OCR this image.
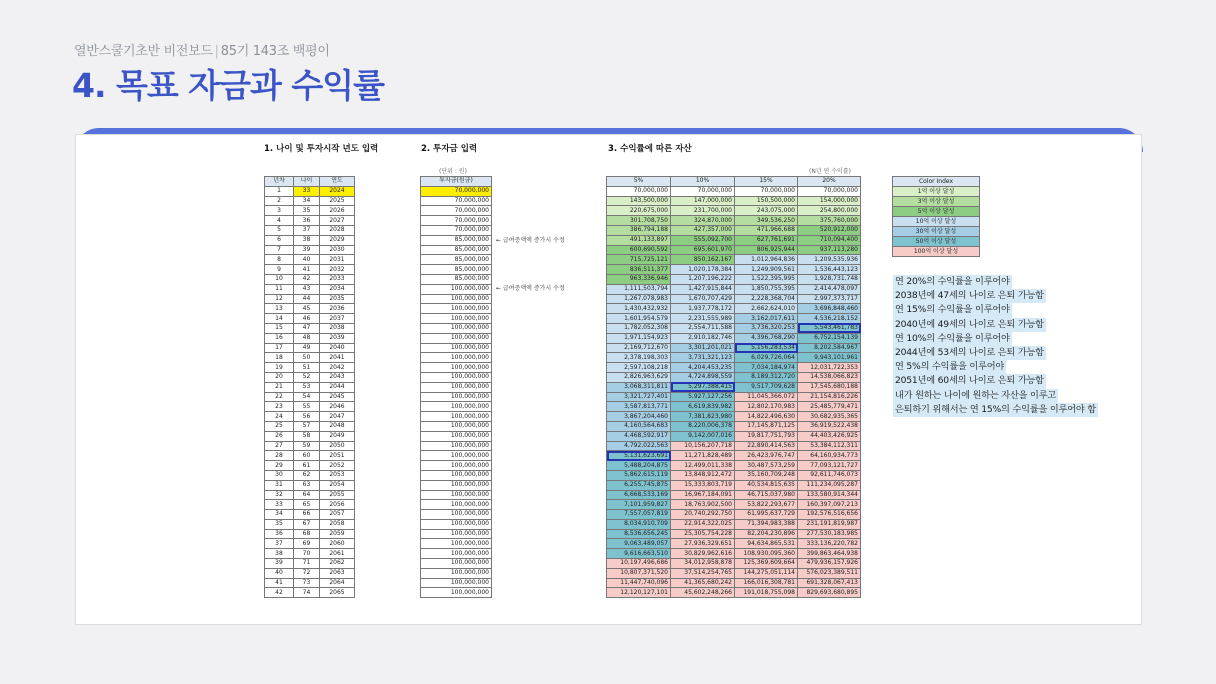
열반스쿨기초반 비전보드 | 85기 143조 백평이
4. 목표 자금과 수익률
1. 나이 및 투자시작 년도 입력	2. 투자금 입력	3. 수익률에 따른 자산
(단위 : 원)	(N년 연 수익률)
년차	나이	연도
1	33	2024
2	34	2025
3	35	2026
4	36	2027
5	37	2028
6	38	2029
7	39	2030
8	40	2031
9	41	2032
10	42	2033
11	43	2034
12	44	2035
13	45	2036
14	46	2037
15	47	2038
16	48	2039
17	49	2040
18	50	2041
19	51	2042
20	52	2043
21	53	2044
22	54	2045
23	55	2046
24	56	2047
25	57	2048
26	58	2049
27	59	2050
28	60	2051
29	61	2052
30	62	2053
31	63	2054
32	64	2055
33	65	2056
34	66	2057
35	67	2058
36	68	2059
37	69	2060
38	70	2061
39	71	2062
40	72	2063
41	73	2064
42	74	2065
투자금(원금)
70,000,000
70,000,000
70,000,000
70,000,000
70,000,000
85,000,000
85,000,000
85,000,000
85,000,000
85,000,000
100,000,000
100,000,000
100,000,000
100,000,000
100,000,000
100,000,000
100,000,000
100,000,000
100,000,000
100,000,000
100,000,000
100,000,000
100,000,000
100,000,000
100,000,000
100,000,000
100,000,000
100,000,000
100,000,000
100,000,000
100,000,000
100,000,000
100,000,000
100,000,000
100,000,000
100,000,000
100,000,000
100,000,000
100,000,000
100,000,000
100,000,000
100,000,000
← 급여증액액 증가시 수정
← 급여증액액 증가시 수정
5%	10%	15%	20%
70,000,000	70,000,000	70,000,000	70,000,000
143,500,000	147,000,000	150,500,000	154,000,000
220,675,000	231,700,000	243,075,000	254,800,000
301,708,750	324,870,000	349,536,250	375,760,000
386,794,188	427,357,000	471,966,688	520,912,000
491,133,897	555,092,700	627,761,691	710,094,400
600,690,592	695,601,970	806,925,944	937,113,280
715,725,121	850,162,167	1,012,964,836	1,209,535,936
836,511,377	1,020,178,384	1,249,909,561	1,536,443,123
963,336,946	1,207,196,222	1,522,395,995	1,928,731,748
1,111,503,794	1,427,915,844	1,850,755,395	2,414,478,097
1,267,078,983	1,670,707,429	2,228,368,704	2,997,373,717
1,430,432,932	1,937,778,172	2,662,624,010	3,696,848,460
1,601,954,579	2,231,555,989	3,162,017,611	4,536,218,152
1,782,052,308	2,554,711,588	3,736,320,253	5,543,461,783
1,971,154,923	2,910,182,746	4,396,768,290	6,752,154,139
2,169,712,670	3,301,201,021	5,156,283,534	8,202,584,967
2,378,198,303	3,731,321,123	6,029,726,064	9,943,101,961
2,597,108,218	4,204,453,235	7,034,184,974	12,031,722,353
2,826,963,629	4,724,898,559	8,189,312,720	14,538,066,823
3,068,311,811	5,297,388,415	9,517,709,628	17,545,680,188
3,321,727,401	5,927,127,256	11,045,366,072	21,154,816,226
3,587,813,771	6,619,839,982	12,802,170,983	25,485,779,471
3,867,204,460	7,381,823,980	14,822,496,630	30,682,935,365
4,160,564,683	8,220,006,378	17,145,871,125	36,919,522,438
4,468,592,917	9,142,007,016	19,817,751,793	44,403,426,925
4,792,022,563	10,156,207,718	22,890,414,563	53,384,112,311
5,131,623,691	11,271,828,489	26,423,976,747	64,160,934,773
5,488,204,875	12,499,011,338	30,487,573,259	77,093,121,727
5,862,615,119	13,848,912,472	35,160,709,248	92,611,746,073
6,255,745,875	15,333,803,719	40,534,815,635	111,234,095,287
6,668,533,169	16,967,184,091	46,715,037,980	133,580,914,344
7,101,959,827	18,763,902,500	53,822,293,677	160,397,097,213
7,557,057,819	20,740,292,750	61,995,637,729	192,576,516,656
8,034,910,709	22,914,322,025	71,394,983,388	231,191,819,987
8,536,656,245	25,305,754,228	82,204,230,896	277,530,183,985
9,063,489,057	27,936,329,651	94,634,865,531	333,136,220,782
9,616,663,510	30,829,962,616	108,930,095,360	399,863,464,938
10,197,496,686	34,012,958,878	125,369,609,664	479,936,157,926
10,807,371,520	37,514,254,765	144,275,051,114	576,023,389,511
11,447,740,096	41,365,680,242	166,016,308,781	691,328,067,413
12,120,127,101	45,602,248,266	191,018,755,098	829,693,680,895
Color Index
1억 이상 달성
3억 이상 달성
5억 이상 달성
10억 이상 달성
30억 이상 달성
50억 이상 달성
100억 이상 달성
연 20%의 수익률을 이루어야
2038년에 47세의 나이로 은퇴 가능함
연 15%의 수익률을 이루어야
2040년에 49세의 나이로 은퇴 가능함
연 10%의 수익률을 이루어야
2044년에 53세의 나이로 은퇴 가능함
연 5%의 수익률을 이루어야
2051년에 60세의 나이로 은퇴 가능함
내가 원하는 나이에 원하는 자산을 이루고
은퇴하기 위해서는 연 15%의 수익률을 이루어야 함
